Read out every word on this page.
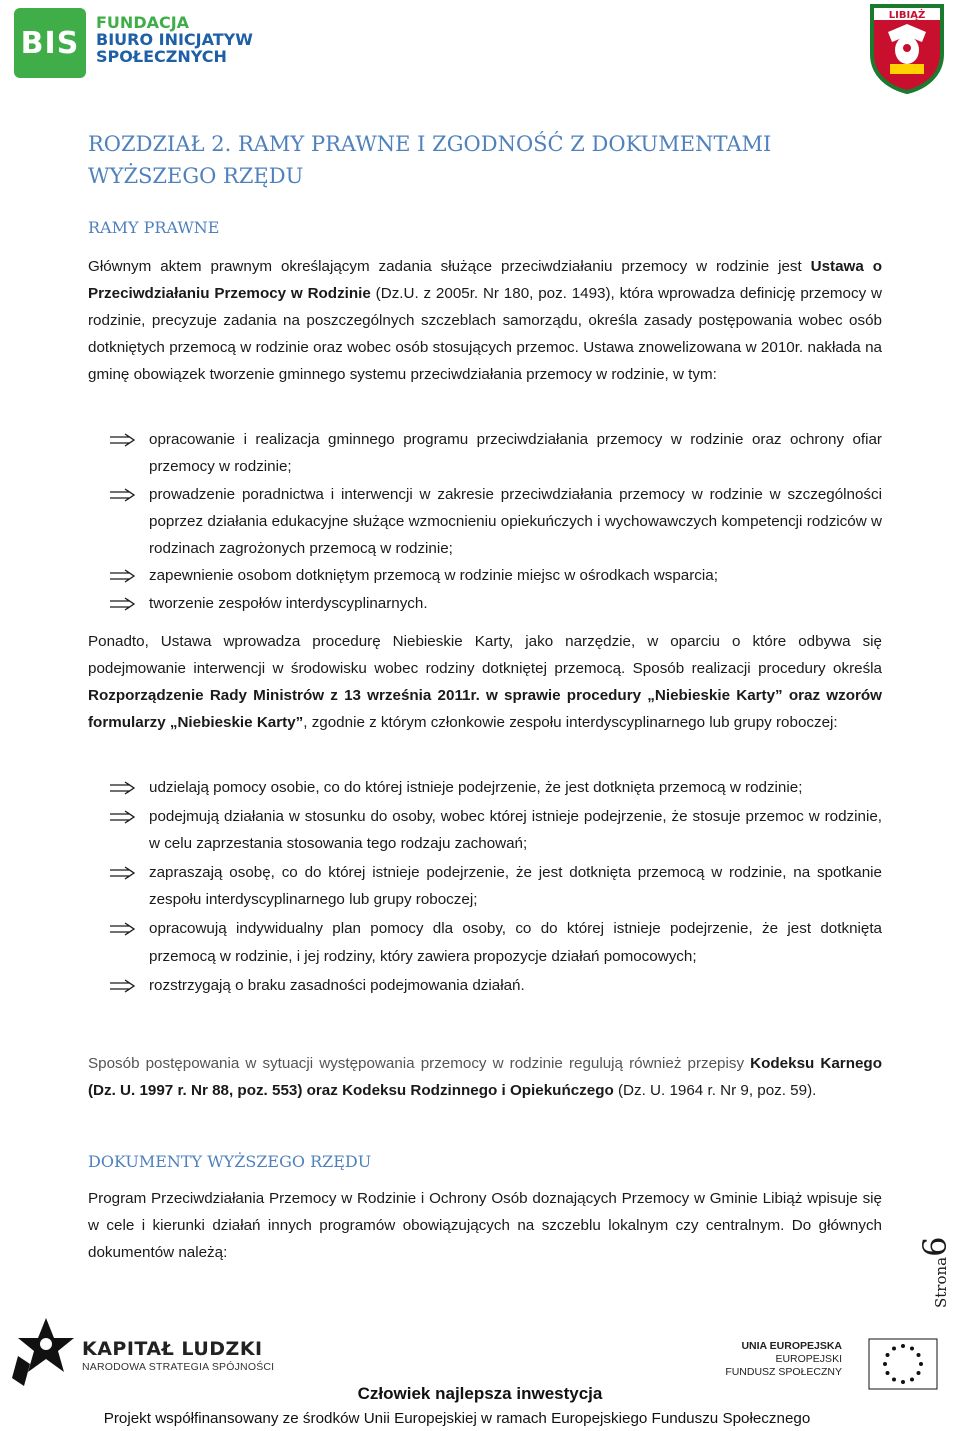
BIS
FUNDACJA
BIURO INICJATYW
SPOŁECZNYCH
LIBIĄŻ
ROZDZIAŁ 2. RAMY PRAWNE I ZGODNOŚĆ Z DOKUMENTAMI WYŻSZEGO RZĘDU
RAMY PRAWNE

Głównym aktem prawnym określającym zadania służące przeciwdziałaniu przemocy w rodzinie jest Ustawa o Przeciwdziałaniu Przemocy w Rodzinie (Dz.U. z 2005r. Nr 180, poz. 1493), która wprowadza definicję przemocy w rodzinie, precyzuje zadania na poszczególnych szczeblach samorządu, określa zasady postępowania wobec osób dotkniętych przemocą w rodzinie oraz wobec osób stosujących przemoc. Ustawa znowelizowana w 2010r. nakłada na gminę obowiązek tworzenie gminnego systemu przeciwdziałania przemocy w rodzinie, w tym:

opracowanie i realizacja gminnego programu przeciwdziałania przemocy w rodzinie oraz ochrony ofiar przemocy w rodzinie;
prowadzenie poradnictwa i interwencji w zakresie przeciwdziałania przemocy w rodzinie w szczególności poprzez działania edukacyjne służące wzmocnieniu opiekuńczych i wychowawczych kompetencji rodziców w rodzinach zagrożonych przemocą w rodzinie;
zapewnienie osobom dotkniętym przemocą w rodzinie miejsc w ośrodkach wsparcia;
tworzenie zespołów interdyscyplinarnych.

Ponadto, Ustawa wprowadza procedurę Niebieskie Karty, jako narzędzie, w oparciu o które odbywa się podejmowanie interwencji w środowisku wobec rodziny dotkniętej przemocą. Sposób realizacji procedury określa Rozporządzenie Rady Ministrów z 13 września 2011r. w sprawie procedury „Niebieskie Karty” oraz wzorów formularzy „Niebieskie Karty”, zgodnie z którym członkowie zespołu interdyscyplinarnego lub grupy roboczej:

udzielają pomocy osobie, co do której istnieje podejrzenie, że jest dotknięta przemocą w rodzinie;
podejmują działania w stosunku do osoby, wobec której istnieje podejrzenie, że stosuje przemoc w rodzinie, w celu zaprzestania stosowania tego rodzaju zachowań;
zapraszają osobę, co do której istnieje podejrzenie, że jest dotknięta przemocą w rodzinie, na spotkanie zespołu interdyscyplinarnego lub grupy roboczej;
opracowują indywidualny plan pomocy dla osoby, co do której istnieje podejrzenie, że jest dotknięta przemocą w rodzinie, i jej rodziny, który zawiera propozycje działań pomocowych;
rozstrzygają o braku zasadności podejmowania działań.

Sposób postępowania w sytuacji występowania przemocy w rodzinie regulują również przepisy Kodeksu Karnego (Dz. U. 1997 r. Nr 88, poz. 553) oraz Kodeksu Rodzinnego i Opiekuńczego (Dz. U. 1964 r. Nr 9, poz. 59).

DOKUMENTY WYŻSZEGO RZĘDU

Program Przeciwdziałania Przemocy w Rodzinie i Ochrony Osób doznających Przemocy w Gminie Libiąż wpisuje się w cele i kierunki działań innych programów obowiązujących na szczeblu lokalnym czy centralnym. Do głównych dokumentów należą:

Strona6
KAPITAŁ LUDZKI
NARODOWA STRATEGIA SPÓJNOŚCI
UNIA EUROPEJSKA
EUROPEJSKI
FUNDUSZ SPOŁECZNY
Człowiek najlepsza inwestycja
Projekt współfinansowany ze środków Unii Europejskiej w ramach Europejskiego Funduszu Społecznego
